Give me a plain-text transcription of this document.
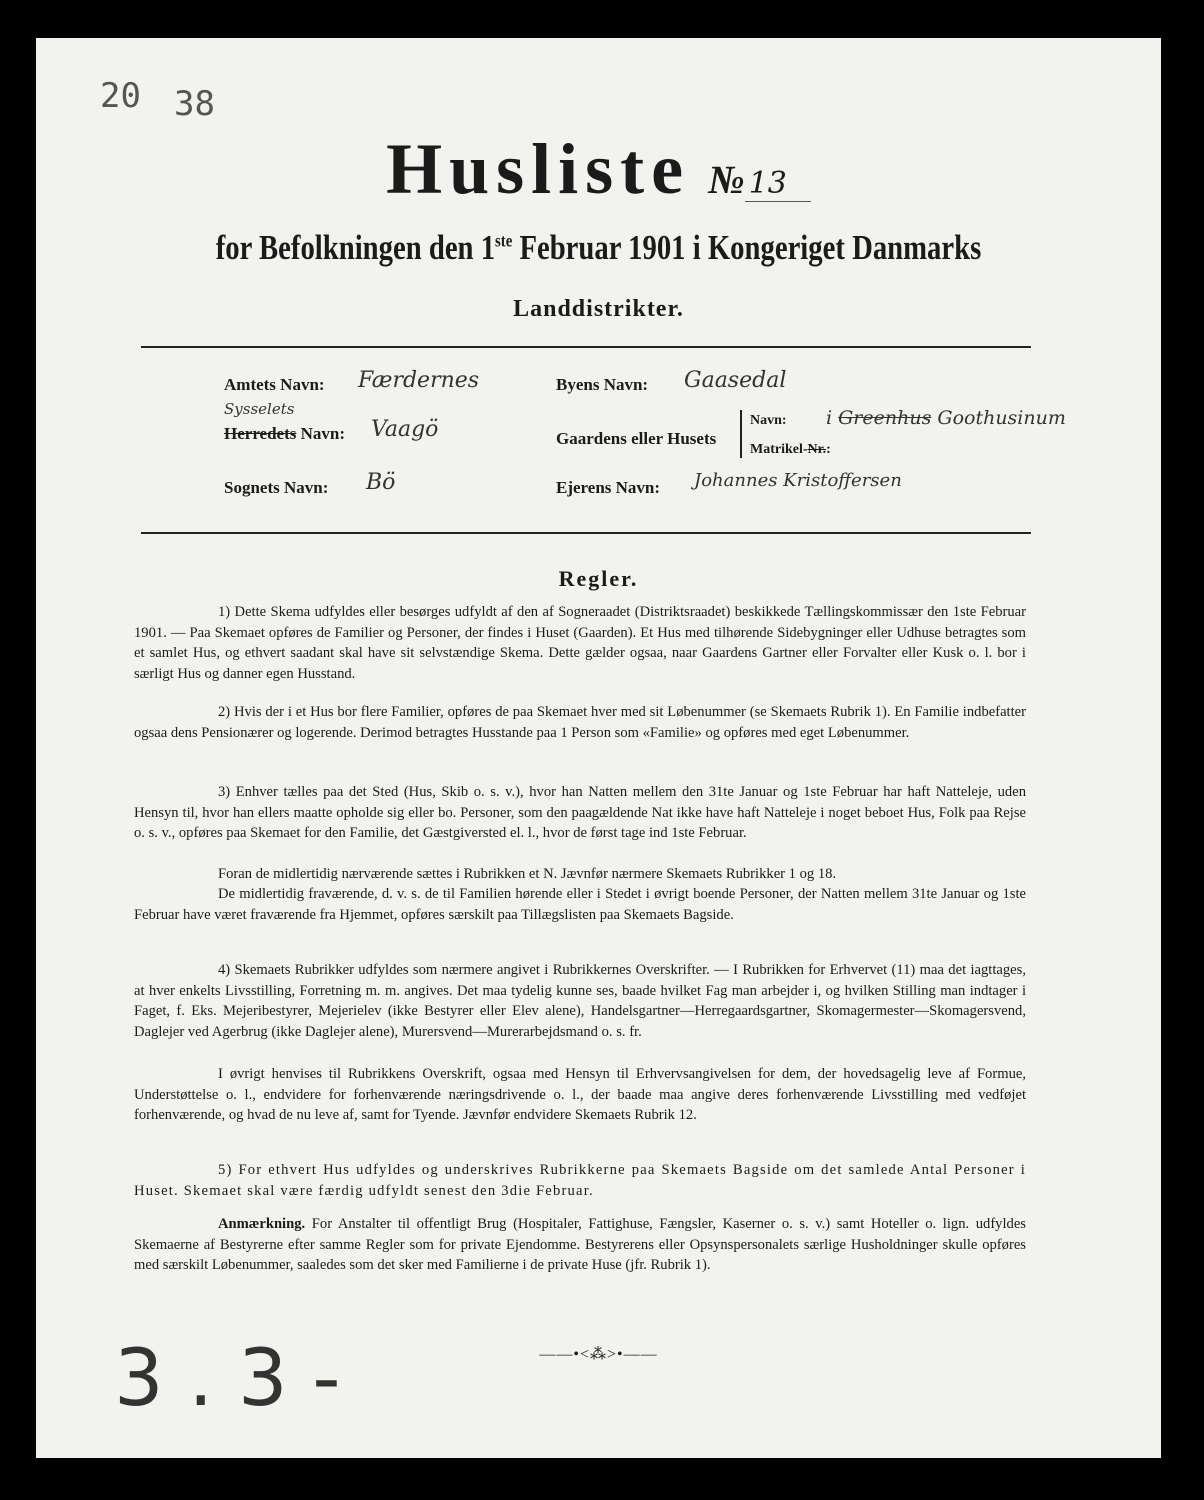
20 38
Husliste № 13
for Befolkningen den 1ste Februar 1901 i Kongeriget Danmarks
Landdistrikter.
Amtets Navn: Færdernes
Sysselets
Herredets Navn: Vaagö
Sognets Navn: Bö
Byens Navn: Gaasedal
Gaardens eller Husets
Navn: i Greenhus Goothusinum
Matrikel-Nr.:
Ejerens Navn: Johannes Kristoffersen
Regler.

1) Dette Skema udfyldes eller besørges udfyldt af den af Sogneraadet (Distriktsraadet) beskikkede Tællingskommissær den 1ste Februar 1901. — Paa Skemaet opføres de Familier og Personer, der findes i Huset (Gaarden). Et Hus med tilhørende Sidebygninger eller Udhuse betragtes som et samlet Hus, og ethvert saadant skal have sit selvstændige Skema. Dette gælder ogsaa, naar Gaardens Gartner eller Forvalter eller Kusk o. l. bor i særligt Hus og danner egen Husstand.

2) Hvis der i et Hus bor flere Familier, opføres de paa Skemaet hver med sit Løbenummer (se Skemaets Rubrik 1). En Familie indbefatter ogsaa dens Pensionærer og logerende. Derimod betragtes Husstande paa 1 Person som «Familie» og opføres med eget Løbenummer.

3) Enhver tælles paa det Sted (Hus, Skib o. s. v.), hvor han Natten mellem den 31te Januar og 1ste Februar har haft Natteleje, uden Hensyn til, hvor han ellers maatte opholde sig eller bo. Personer, som den paagældende Nat ikke have haft Natteleje i noget beboet Hus, Folk paa Rejse o. s. v., opføres paa Skemaet for den Familie, det Gæstgiversted el. l., hvor de først tage ind 1ste Februar.

Foran de midlertidig nærværende sættes i Rubrikken et N. Jævnfør nærmere Skemaets Rubrikker 1 og 18.

De midlertidig fraværende, d. v. s. de til Familien hørende eller i Stedet i øvrigt boende Personer, der Natten mellem 31te Januar og 1ste Februar have været fraværende fra Hjemmet, opføres særskilt paa Tillægslisten paa Skemaets Bagside.

4) Skemaets Rubrikker udfyldes som nærmere angivet i Rubrikkernes Overskrifter. — I Rubrikken for Erhvervet (11) maa det iagttages, at hver enkelts Livsstilling, Forretning m. m. angives. Det maa tydelig kunne ses, baade hvilket Fag man arbejder i, og hvilken Stilling man indtager i Faget, f. Eks. Mejeribestyrer, Mejerielev (ikke Bestyrer eller Elev alene), Handelsgartner—Herregaardsgartner, Skomagermester—Skomagersvend, Daglejer ved Agerbrug (ikke Daglejer alene), Murersvend—Murerarbejdsmand o. s. fr.

I øvrigt henvises til Rubrikkens Overskrift, ogsaa med Hensyn til Erhvervsangivelsen for dem, der hovedsagelig leve af Formue, Understøttelse o. l., endvidere for forhenværende næringsdrivende o. l., der baade maa angive deres forhenværende Livsstilling med vedføjet forhenværende, og hvad de nu leve af, samt for Tyende. Jævnfør endvidere Skemaets Rubrik 12.

5) For ethvert Hus udfyldes og underskrives Rubrikkerne paa Skemaets Bagside om det samlede Antal Personer i Huset. Skemaet skal være færdig udfyldt senest den 3die Februar.

Anmærkning. For Anstalter til offentligt Brug (Hospitaler, Fattighuse, Fængsler, Kaserner o. s. v.) samt Hoteller o. lign. udfyldes Skemaerne af Bestyrerne efter samme Regler som for private Ejendomme. Bestyrerens eller Opsynspersonalets særlige Husholdninger skulle opføres med særskilt Løbenummer, saaledes som det sker med Familierne i de private Huse (jfr. Rubrik 1).

——•<⁂>•——
3 . 3 -
